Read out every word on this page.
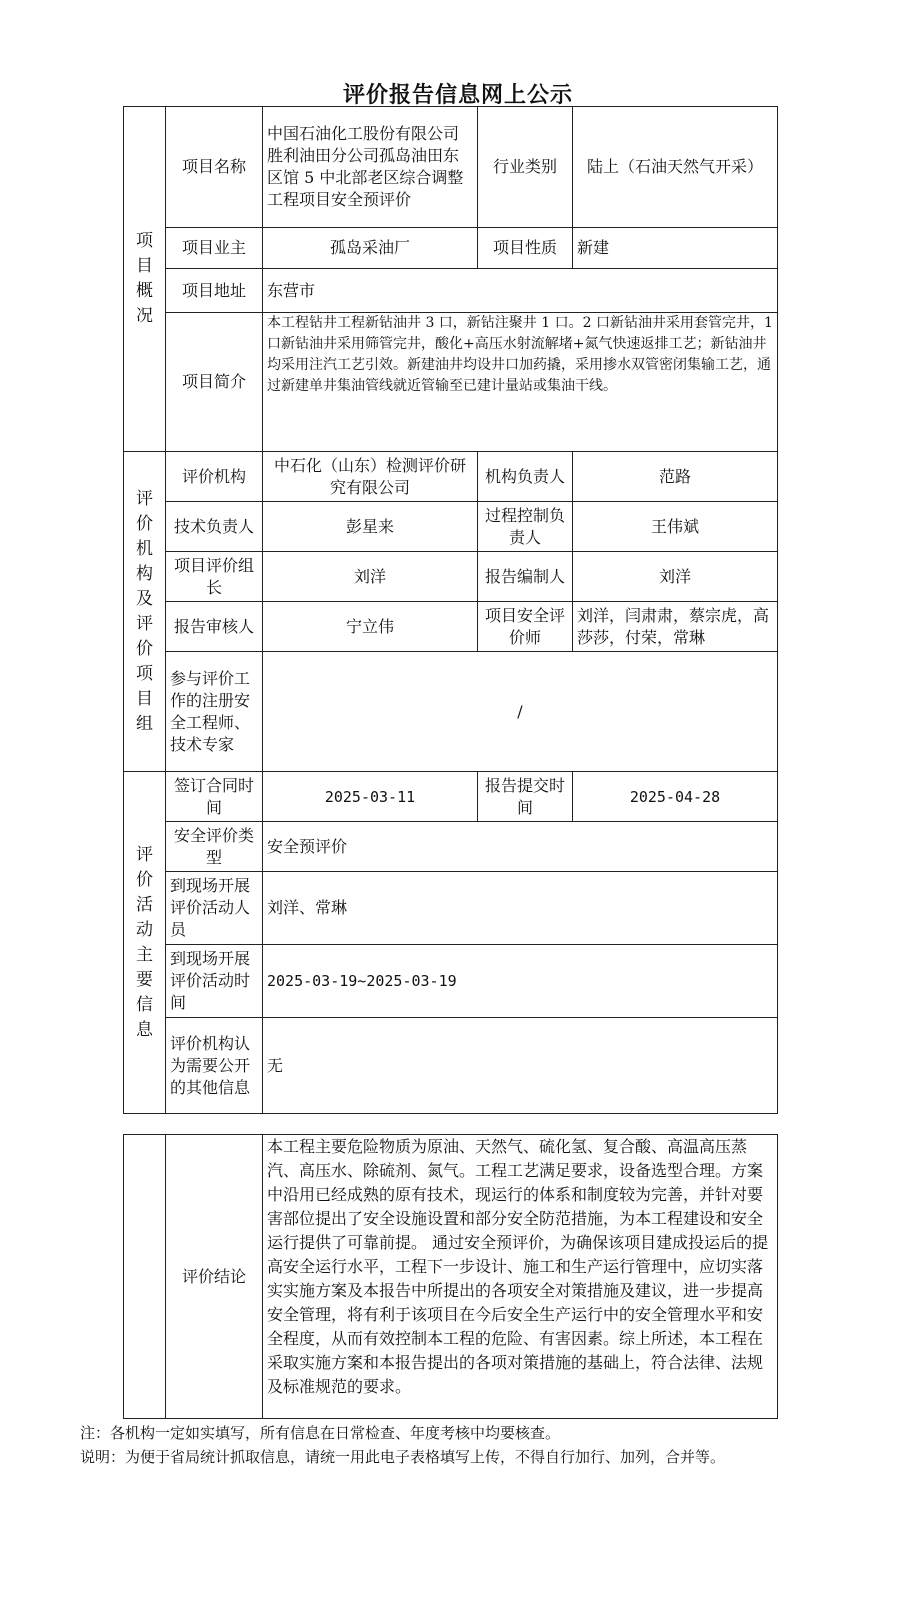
评价报告信息网上公示
项目概况	项目名称	中国石油化工股份有限公司胜利油田分公司孤岛油田东区馆 5 中北部老区综合调整工程项目安全预评价	行业类别	陆上（石油天然气开采）
	项目业主	孤岛采油厂	项目性质	新建
	项目地址	东营市		
	项目简介	本工程钻井工程新钻油井 3 口，新钻注聚井 1 口。2 口新钻油井采用套管完井，1 口新钻油井采用筛管完井，酸化+高压水射流解堵+氮气快速返排工艺；新钻油井均采用注汽工艺引效。新建油井均设井口加药撬，采用掺水双管密闭集输工艺，通过新建单井集油管线就近管输至已建计量站或集油干线。		

评价机构及评价项目组	评价机构	中石化（山东）检测评价研究有限公司	机构负责人	范路
	技术负责人	彭星来	过程控制负责人	王伟斌
	项目评价组长	刘洋	报告编制人	刘洋
	报告审核人	宁立伟	项目安全评价师	刘洋，闫肃肃，蔡宗虎，高莎莎，付荣，常琳
	参与评价工作的注册安全工程师、技术专家	/		

评价活动主要信息	签订合同时间	2025-03-11	报告提交时间	2025-04-28
	安全评价类型	安全预评价		
	到现场开展评价活动人员	刘洋、常琳		
	到现场开展评价活动时间	2025-03-19~2025-03-19		
	评价机构认为需要公开的其他信息	无		
	评价结论	本工程主要危险物质为原油、天然气、硫化氢、复合酸、高温高压蒸汽、高压水、除硫剂、氮气。工程工艺满足要求，设备选型合理。方案中沿用已经成熟的原有技术，现运行的体系和制度较为完善，并针对要害部位提出了安全设施设置和部分安全防范措施，为本工程建设和安全运行提供了可靠前提。 通过安全预评价，为确保该项目建成投运后的提高安全运行水平，工程下一步设计、施工和生产运行管理中，应切实落实实施方案及本报告中所提出的各项安全对策措施及建议，进一步提高安全管理，将有利于该项目在今后安全生产运行中的安全管理水平和安全程度，从而有效控制本工程的危险、有害因素。综上所述，本工程在采取实施方案和本报告提出的各项对策措施的基础上，符合法律、法规及标准规范的要求。
注：各机构一定如实填写，所有信息在日常检查、年度考核中均要核查。
说明：为便于省局统计抓取信息，请统一用此电子表格填写上传，不得自行加行、加列，合并等。
